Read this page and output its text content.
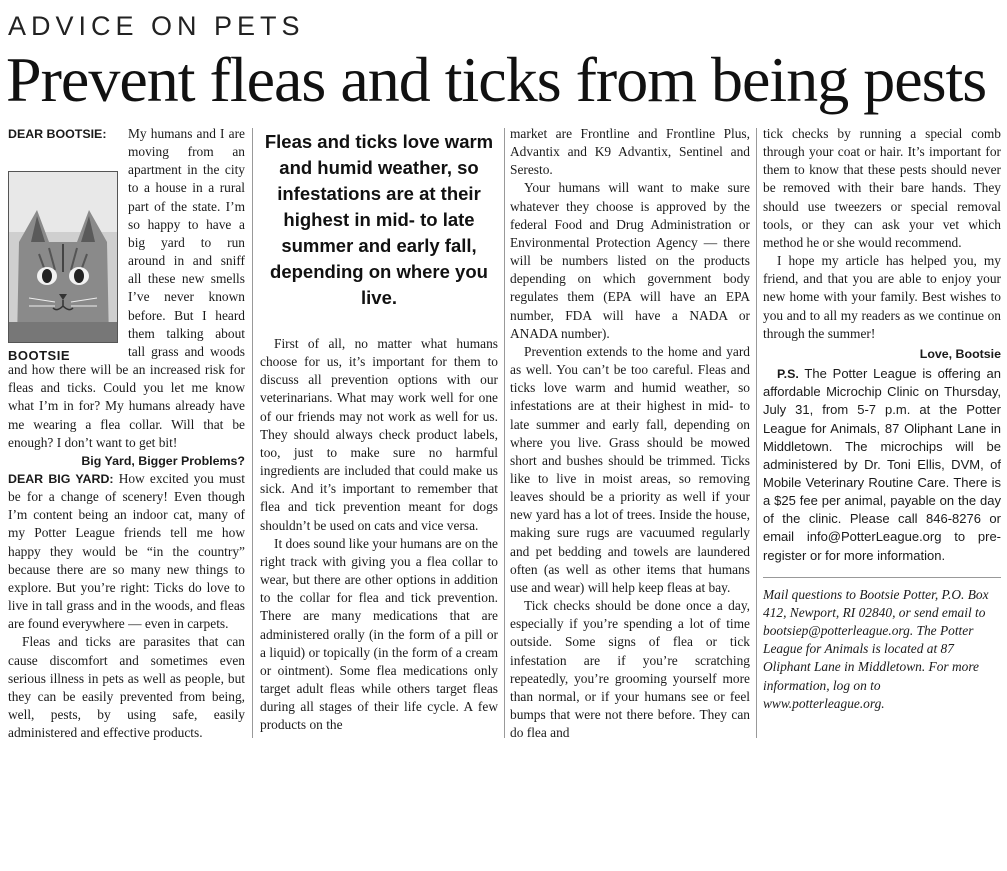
ADVICE ON PETS
Prevent fleas and ticks from being pests

DEAR BOOTSIE:

BOOTSIE

My humans and I are moving from an apartment in the city to a house in a rural part of the state. I’m so happy to have a big yard to run around in and sniff all these new smells I’ve never known before. But I heard them talking about tall grass and woods and how there will be an increased risk for fleas and ticks. Could you let me know what I’m in for? My humans already have me wearing a flea collar. Will that be enough? I don’t want to get bit!

Big Yard, Bigger Problems?

DEAR BIG YARD: How excited you must be for a change of scenery! Even though I’m content being an indoor cat, many of my Potter League friends tell me how happy they would be “in the country” because there are so many new things to explore. But you’re right: Ticks do love to live in tall grass and in the woods, and fleas are found everywhere — even in carpets.

Fleas and ticks are parasites that can cause discomfort and sometimes even serious illness in pets as well as people, but they can be easily prevented from being, well, pests, by using safe, easily administered and effective products.

Fleas and ticks love warm and humid weather, so infestations are at their highest in mid- to late summer and early fall, depending on where you live.

First of all, no matter what humans choose for us, it’s important for them to discuss all prevention options with our veterinarians. What may work well for one of our friends may not work as well for us. They should always check product labels, too, just to make sure no harmful ingredients are included that could make us sick. And it’s important to remember that flea and tick prevention meant for dogs shouldn’t be used on cats and vice versa.

It does sound like your humans are on the right track with giving you a flea collar to wear, but there are other options in addition to the collar for flea and tick prevention. There are many medications that are administered orally (in the form of a pill or a liquid) or topically (in the form of a cream or ointment). Some flea medications only target adult fleas while others target fleas during all stages of their life cycle. A few products on the

market are Frontline and Frontline Plus, Advantix and K9 Advantix, Sentinel and Seresto.

Your humans will want to make sure whatever they choose is approved by the federal Food and Drug Administration or Environmental Protection Agency — there will be numbers listed on the products depending on which government body regulates them (EPA will have an EPA number, FDA will have a NADA or ANADA number).

Prevention extends to the home and yard as well. You can’t be too careful. Fleas and ticks love warm and humid weather, so infestations are at their highest in mid- to late summer and early fall, depending on where you live. Grass should be mowed short and bushes should be trimmed. Ticks like to live in moist areas, so removing leaves should be a priority as well if your new yard has a lot of trees. Inside the house, making sure rugs are vacuumed regularly and pet bedding and towels are laundered often (as well as other items that humans use and wear) will help keep fleas at bay.

Tick checks should be done once a day, especially if you’re spending a lot of time outside. Some signs of flea or tick infestation are if you’re scratching repeatedly, you’re grooming yourself more than normal, or if your humans see or feel bumps that were not there before. They can do flea and

tick checks by running a special comb through your coat or hair. It’s important for them to know that these pests should never be removed with their bare hands. They should use tweezers or special removal tools, or they can ask your vet which method he or she would recommend.

I hope my article has helped you, my friend, and that you are able to enjoy your new home with your family. Best wishes to you and to all my readers as we continue on through the summer!

Love, Bootsie

P.S. The Potter League is offering an affordable Microchip Clinic on Thursday, July 31, from 5-7 p.m. at the Potter League for Animals, 87 Oliphant Lane in Middletown. The microchips will be administered by Dr. Toni Ellis, DVM, of Mobile Veterinary Routine Care. There is a $25 fee per animal, payable on the day of the clinic. Please call 846-8276 or email info@PotterLeague.org to pre-register or for more information.

Mail questions to Bootsie Potter, P.O. Box 412, Newport, RI 02840, or send email to bootsiep@potterleague.org. The Potter League for Animals is located at 87 Oliphant Lane in Middletown. For more information, log on to www.potterleague.org.
